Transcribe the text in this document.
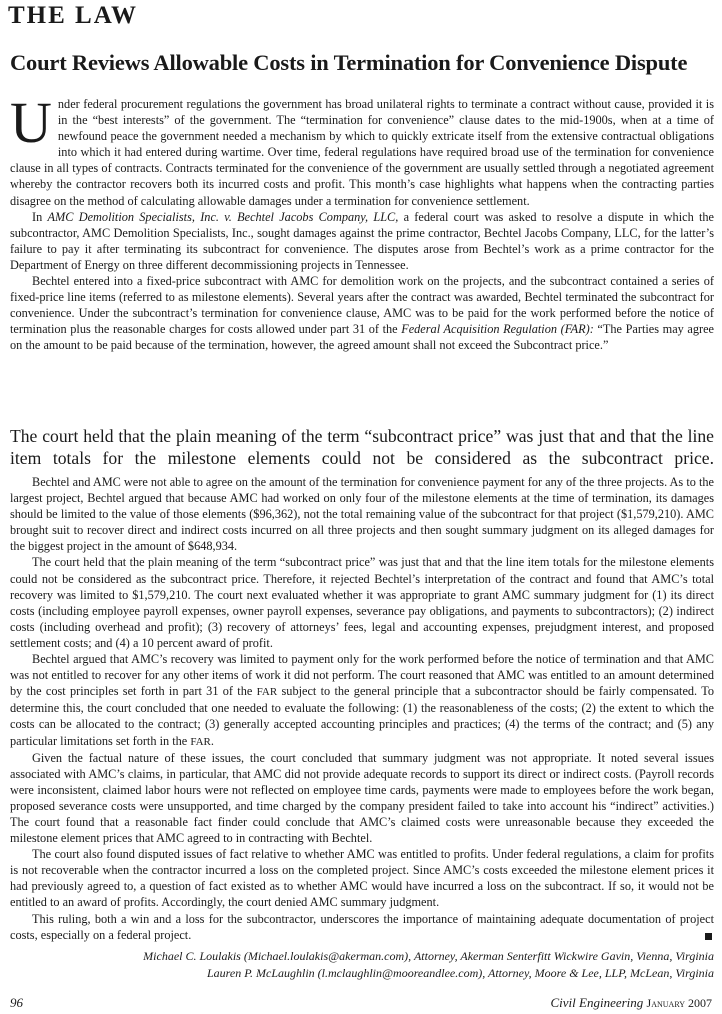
THE LAW
Court Reviews Allowable Costs in Termination for Convenience Dispute

Under federal procurement regulations the government has broad unilateral rights to terminate a contract without cause, provided it is in the “best interests” of the government. The “termination for convenience” clause dates to the mid-1900s, when at a time of newfound peace the government needed a mechanism by which to quickly extricate itself from the extensive contractual obligations into which it had entered during wartime. Over time, federal regulations have required broad use of the termination for convenience clause in all types of contracts. Contracts terminated for the convenience of the government are usually settled through a negotiated agreement whereby the contractor recovers both its incurred costs and profit. This month’s case highlights what happens when the contracting parties disagree on the method of calculating allowable damages under a termination for convenience settlement.

In AMC Demolition Specialists, Inc. v. Bechtel Jacobs Company, LLC, a federal court was asked to resolve a dispute in which the subcontractor, AMC Demolition Specialists, Inc., sought damages against the prime contractor, Bechtel Jacobs Company, LLC, for the latter’s failure to pay it after terminating its subcontract for convenience. The disputes arose from Bechtel’s work as a prime contractor for the Department of Energy on three different decommissioning projects in Tennessee.

Bechtel entered into a fixed-price subcontract with AMC for demolition work on the projects, and the subcontract contained a series of fixed-price line items (referred to as milestone elements). Several years after the contract was awarded, Bechtel terminated the subcontract for convenience. Under the subcontract’s termination for convenience clause, AMC was to be paid for the work performed before the notice of termination plus the reasonable charges for costs allowed under part 31 of the Federal Acquisition Regulation (FAR): “The Parties may agree on the amount to be paid because of the termination, however, the agreed amount shall not exceed the Subcontract price.”

The court held that the plain meaning of the term “subcontract price” was just that and that the line item totals for the milestone elements could not be considered as the subcontract price.

Bechtel and AMC were not able to agree on the amount of the termination for convenience payment for any of the three projects. As to the largest project, Bechtel argued that because AMC had worked on only four of the milestone elements at the time of termination, its damages should be limited to the value of those elements ($96,362), not the total remaining value of the subcontract for that project ($1,579,210). AMC brought suit to recover direct and indirect costs incurred on all three projects and then sought summary judgment on its alleged damages for the biggest project in the amount of $648,934.

The court held that the plain meaning of the term “subcontract price” was just that and that the line item totals for the milestone elements could not be considered as the subcontract price. Therefore, it rejected Bechtel’s interpretation of the contract and found that AMC’s total recovery was limited to $1,579,210. The court next evaluated whether it was appropriate to grant AMC summary judgment for (1) its direct costs (including employee payroll expenses, owner payroll expenses, severance pay obligations, and payments to subcontractors); (2) indirect costs (including overhead and profit); (3) recovery of attorneys’ fees, legal and accounting expenses, prejudgment interest, and proposed settlement costs; and (4) a 10 percent award of profit.

Bechtel argued that AMC’s recovery was limited to payment only for the work performed before the notice of termination and that AMC was not entitled to recover for any other items of work it did not perform. The court reasoned that AMC was entitled to an amount determined by the cost principles set forth in part 31 of the FAR subject to the general principle that a subcontractor should be fairly compensated. To determine this, the court concluded that one needed to evaluate the following: (1) the reasonableness of the costs; (2) the extent to which the costs can be allocated to the contract; (3) generally accepted accounting principles and practices; (4) the terms of the contract; and (5) any particular limitations set forth in the FAR.

Given the factual nature of these issues, the court concluded that summary judgment was not appropriate. It noted several issues associated with AMC’s claims, in particular, that AMC did not provide adequate records to support its direct or indirect costs. (Payroll records were inconsistent, claimed labor hours were not reflected on employee time cards, payments were made to employees before the work began, proposed severance costs were unsupported, and time charged by the company president failed to take into account his “indirect” activities.) The court found that a reasonable fact finder could conclude that AMC’s claimed costs were unreasonable because they exceeded the milestone element prices that AMC agreed to in contracting with Bechtel.

The court also found disputed issues of fact relative to whether AMC was entitled to profits. Under federal regulations, a claim for profits is not recoverable when the contractor incurred a loss on the completed project. Since AMC’s costs exceeded the milestone element prices it had previously agreed to, a question of fact existed as to whether AMC would have incurred a loss on the subcontract. If so, it would not be entitled to an award of profits. Accordingly, the court denied AMC summary judgment.

This ruling, both a win and a loss for the subcontractor, underscores the importance of maintaining adequate documentation of project costs, especially on a federal project.

Michael C. Loulakis (Michael.loulakis@akerman.com), Attorney, Akerman Senterfitt Wickwire Gavin, Vienna, Virginia
Lauren P. McLaughlin (l.mclaughlin@mooreandlee.com), Attorney, Moore & Lee, LLP, McLean, Virginia
96	Civil Engineering January 2007
